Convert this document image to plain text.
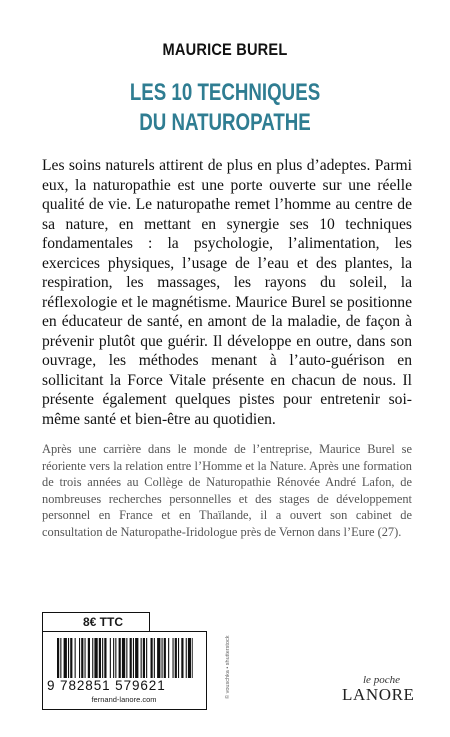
MAURICE BUREL
LES 10 TECHNIQUES
DU NATUROPATHE
Les soins naturels attirent de plus en plus d’adeptes. Parmi eux, la naturopathie est une porte ouverte sur une réelle qualité de vie. Le naturopathe remet l’homme au centre de sa nature, en mettant en synergie ses 10 techniques fondamentales : la psychologie, l’alimentation, les exercices physiques, l’usage de l’eau et des plantes, la respiration, les massages, les rayons du soleil, la réflexologie et le magnétisme. Maurice Burel se positionne en éducateur de santé, en amont de la maladie, de façon à prévenir plutôt que guérir. Il développe en outre, dans son ouvrage, les méthodes menant à l’auto-guérison en sollicitant la Force Vitale présente en chacun de nous. Il présente également quelques pistes pour entretenir soi-même santé et bien-être au quotidien.
Après une carrière dans le monde de l’entreprise, Maurice Burel se réoriente vers la relation entre l’Homme et la Nature. Après une formation de trois années au Collège de Naturopathie Rénovée André Lafon, de nombreuses recherches personnelles et des stages de développement personnel en France et en Thaïlande, il a ouvert son cabinet de consultation de Naturopathe-Iridologue près de Vernon dans l’Eure (27).
8€ TTC
9 782851 579621
fernand-lanore.com
© vouschka • shutterstock	le poche
LANORE
